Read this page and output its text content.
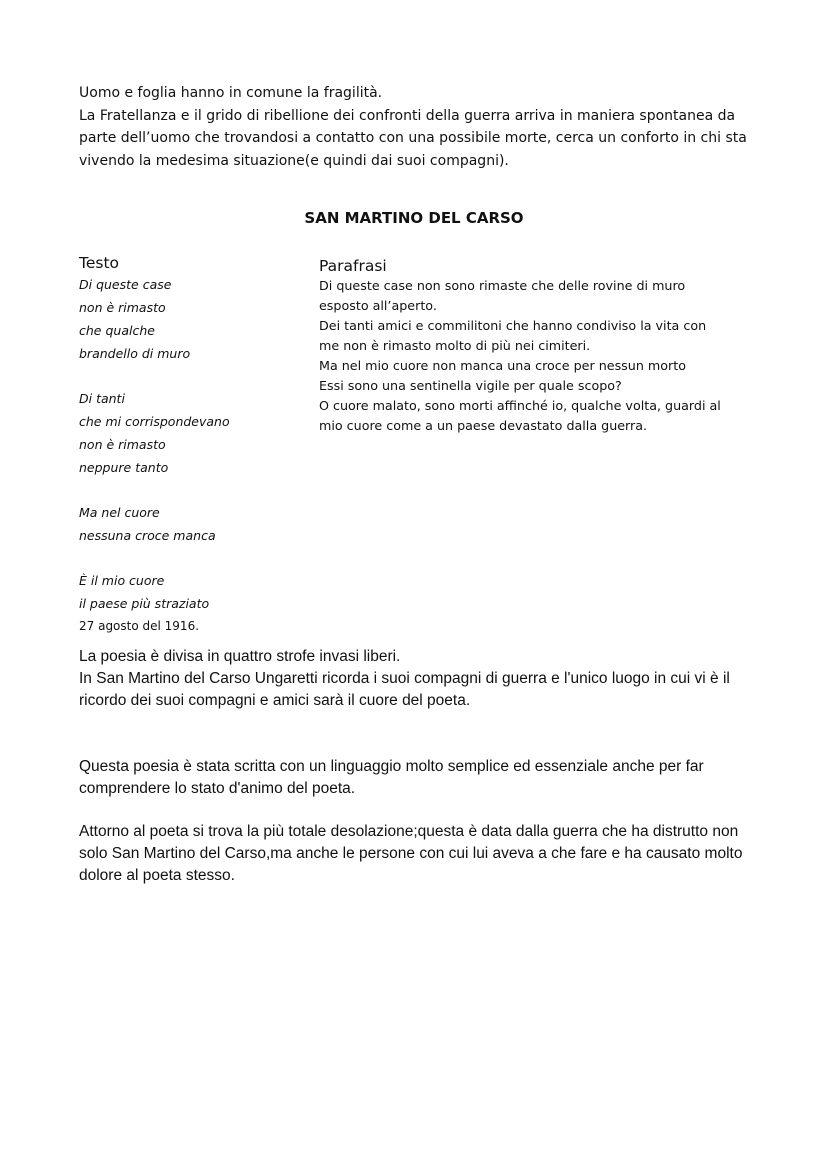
Uomo e foglia hanno in comune la fragilità.

La Fratellanza e il grido di ribellione dei confronti della guerra arriva in maniera spontanea da parte dell’uomo che trovandosi a contatto con una possibile morte, cerca un conforto in chi sta vivendo la medesima situazione(e quindi dai suoi compagni).

SAN MARTINO DEL CARSO
Testo
Di queste case
non è rimasto
che qualche
brandello di muro
Di tanti
che mi corrispondevano
non è rimasto
neppure tanto
Ma nel cuore
nessuna croce manca
È il mio cuore
il paese più straziato
27 agosto del 1916.
Parafrasi
Di queste case non sono rimaste che delle rovine di muro
esposto all’aperto.
Dei tanti amici e commilitoni che hanno condiviso la vita con
me non è rimasto molto di più nei cimiteri.
Ma nel mio cuore non manca una croce per nessun morto
Essi sono una sentinella vigile per quale scopo?
O cuore malato, sono morti affinché io, qualche volta, guardi al
mio cuore come a un paese devastato dalla guerra.

La poesia è divisa in quattro strofe invasi liberi.

In San Martino del Carso Ungaretti ricorda i suoi compagni di guerra e l'unico luogo in cui vi è il ricordo dei suoi compagni e amici sarà il cuore del poeta.

Questa poesia è stata scritta con un linguaggio molto semplice ed essenziale anche per far comprendere lo stato d'animo del poeta.

Attorno al poeta si trova la più totale desolazione;questa è data dalla guerra che ha distrutto non solo San Martino del Carso,ma anche le persone con cui lui aveva a che fare e ha causato molto dolore al poeta stesso.
